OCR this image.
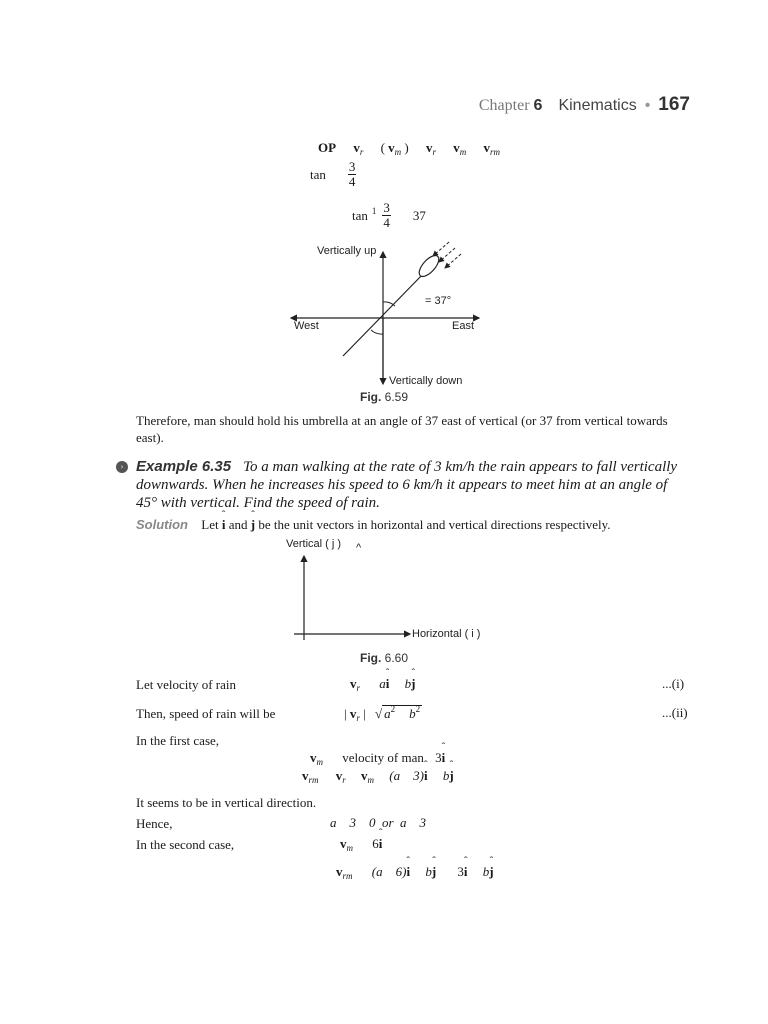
Chapter 6 Kinematics • 167
OP $v_r$ ( $v_m$ ) $v_r$ $v_m$ $v_{rm}$
$\tan \frac{3}{4}$
$\tan 1 \frac{3}{4} 37$
Vertically up
= 37°
West	East
Vertically down
Fig. 6.59
Therefore, man should hold his umbrella at an angle of 37 east of vertical (or 37 from vertical towards east).
› Example 6.35 To a man walking at the rate of 3 km/h the rain appears to fall vertically downwards. When he increases his speed to 6 km/h it appears to meet him at an angle of 45° with vertical. Find the speed of rain.
Solution Let ˆ i and ˆ j be the unit vectors in horizontal and vertical directions respectively.
Vertical ( j ) ^
Horizontal ( i )
Fig. 6.60
Let velocity of rain	$v_r$ aˆ i bˆ j	...(i)
Then, speed of rain will be	| $v_r$ | √ $a^2$ $b^2$	...(ii)
In the first case,
$v_m$ velocity of man 3ˆ i
$v_{rm}$ $v_r$ $v_m$ (a    3)ˆ i bˆ j
It seems to be in vertical direction.
Hence,	a    3    0  or  a    3
In the second case,	$v_m$ 6ˆ i
$v_{rm}$ (a    6)ˆ i bˆ j 3ˆ i bˆ j
